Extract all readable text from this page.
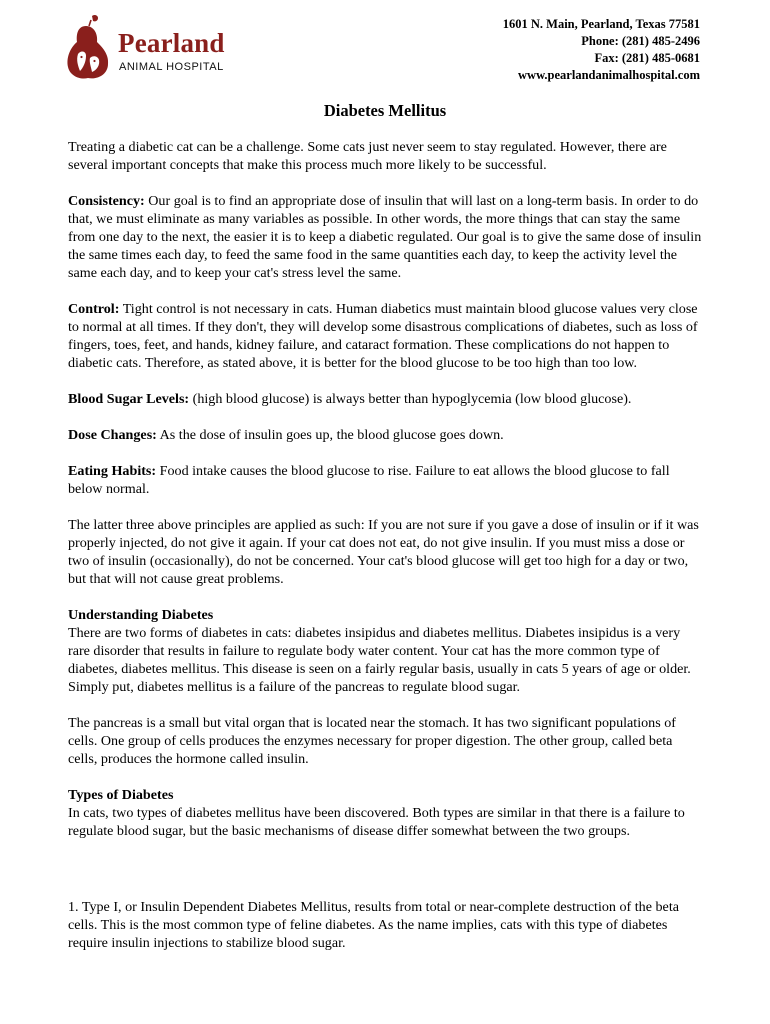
Pearland
ANIMAL HOSPITAL
1601 N. Main, Pearland, Texas 77581
Phone: (281) 485-2496
Fax: (281) 485-0681
www.pearlandanimalhospital.com
Diabetes Mellitus

Treating a diabetic cat can be a challenge. Some cats just never seem to stay regulated. However, there are several important concepts that make this process much more likely to be successful.

Consistency: Our goal is to find an appropriate dose of insulin that will last on a long-term basis. In order to do that, we must eliminate as many variables as possible. In other words, the more things that can stay the same from one day to the next, the easier it is to keep a diabetic regulated. Our goal is to give the same dose of insulin the same times each day, to feed the same food in the same quantities each day, to keep the activity level the same each day, and to keep your cat's stress level the same.

Control: Tight control is not necessary in cats. Human diabetics must maintain blood glucose values very close to normal at all times. If they don't, they will develop some disastrous complications of diabetes, such as loss of fingers, toes, feet, and hands, kidney failure, and cataract formation. These complications do not happen to diabetic cats. Therefore, as stated above, it is better for the blood glucose to be too high than too low.

Blood Sugar Levels: (high blood glucose) is always better than hypoglycemia (low blood glucose).

Dose Changes: As the dose of insulin goes up, the blood glucose goes down.

Eating Habits: Food intake causes the blood glucose to rise. Failure to eat allows the blood glucose to fall below normal.

The latter three above principles are applied as such: If you are not sure if you gave a dose of insulin or if it was properly injected, do not give it again. If your cat does not eat, do not give insulin. If you must miss a dose or two of insulin (occasionally), do not be concerned. Your cat's blood glucose will get too high for a day or two, but that will not cause great problems.

Understanding Diabetes
There are two forms of diabetes in cats: diabetes insipidus and diabetes mellitus. Diabetes insipidus is a very rare disorder that results in failure to regulate body water content. Your cat has the more common type of diabetes, diabetes mellitus. This disease is seen on a fairly regular basis, usually in cats 5 years of age or older. Simply put, diabetes mellitus is a failure of the pancreas to regulate blood sugar.

The pancreas is a small but vital organ that is located near the stomach. It has two significant populations of cells. One group of cells produces the enzymes necessary for proper digestion. The other group, called beta cells, produces the hormone called insulin.

Types of Diabetes
In cats, two types of diabetes mellitus have been discovered. Both types are similar in that there is a failure to regulate blood sugar, but the basic mechanisms of disease differ somewhat between the two groups.

1. Type I, or Insulin Dependent Diabetes Mellitus, results from total or near-complete destruction of the beta cells. This is the most common type of feline diabetes. As the name implies, cats with this type of diabetes require insulin injections to stabilize blood sugar.
